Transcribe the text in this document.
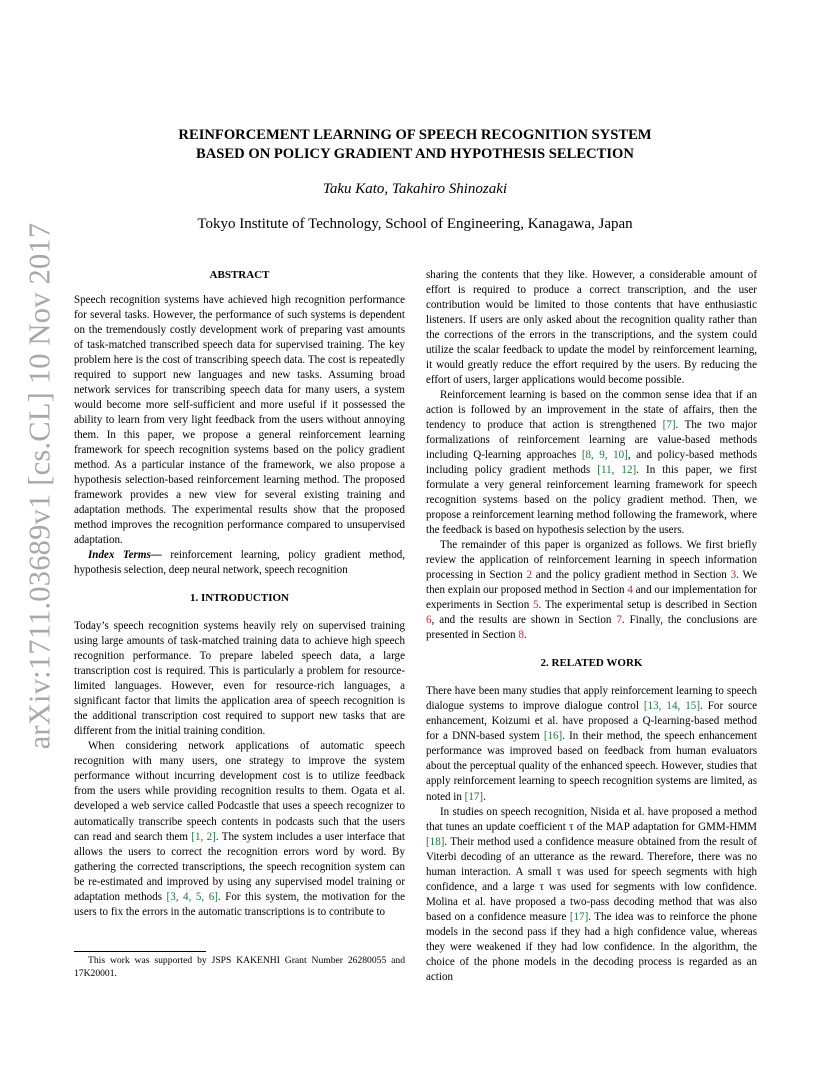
arXiv:1711.03689v1 [cs.CL] 10 Nov 2017
REINFORCEMENT LEARNING OF SPEECH RECOGNITION SYSTEM
BASED ON POLICY GRADIENT AND HYPOTHESIS SELECTION
Taku Kato, Takahiro Shinozaki
Tokyo Institute of Technology, School of Engineering, Kanagawa, Japan
ABSTRACT

Speech recognition systems have achieved high recognition performance for several tasks. However, the performance of such systems is dependent on the tremendously costly development work of preparing vast amounts of task-matched transcribed speech data for supervised training. The key problem here is the cost of transcribing speech data. The cost is repeatedly required to support new languages and new tasks. Assuming broad network services for transcribing speech data for many users, a system would become more self-sufficient and more useful if it possessed the ability to learn from very light feedback from the users without annoying them. In this paper, we propose a general reinforcement learning framework for speech recognition systems based on the policy gradient method. As a particular instance of the framework, we also propose a hypothesis selection-based reinforcement learning method. The proposed framework provides a new view for several existing training and adaptation methods. The experimental results show that the proposed method improves the recognition performance compared to unsupervised adaptation.

Index Terms— reinforcement learning, policy gradient method, hypothesis selection, deep neural network, speech recognition

1. INTRODUCTION

Today’s speech recognition systems heavily rely on supervised training using large amounts of task-matched training data to achieve high speech recognition performance. To prepare labeled speech data, a large transcription cost is required. This is particularly a problem for resource-limited languages. However, even for resource-rich languages, a significant factor that limits the application area of speech recognition is the additional transcription cost required to support new tasks that are different from the initial training condition.

When considering network applications of automatic speech recognition with many users, one strategy to improve the system performance without incurring development cost is to utilize feedback from the users while providing recognition results to them. Ogata et al. developed a web service called Podcastle that uses a speech recognizer to automatically transcribe speech contents in podcasts such that the users can read and search them [1, 2]. The system includes a user interface that allows the users to correct the recognition errors word by word. By gathering the corrected transcriptions, the speech recognition system can be re-estimated and improved by using any supervised model training or adaptation methods [3, 4, 5, 6]. For this system, the motivation for the users to fix the errors in the automatic transcriptions is to contribute to

sharing the contents that they like. However, a considerable amount of effort is required to produce a correct transcription, and the user contribution would be limited to those contents that have enthusiastic listeners. If users are only asked about the recognition quality rather than the corrections of the errors in the transcriptions, and the system could utilize the scalar feedback to update the model by reinforcement learning, it would greatly reduce the effort required by the users. By reducing the effort of users, larger applications would become possible.

Reinforcement learning is based on the common sense idea that if an action is followed by an improvement in the state of affairs, then the tendency to produce that action is strengthened [7]. The two major formalizations of reinforcement learning are value-based methods including Q-learning approaches [8, 9, 10], and policy-based methods including policy gradient methods [11, 12]. In this paper, we first formulate a very general reinforcement learning framework for speech recognition systems based on the policy gradient method. Then, we propose a reinforcement learning method following the framework, where the feedback is based on hypothesis selection by the users.

The remainder of this paper is organized as follows. We first briefly review the application of reinforcement learning in speech information processing in Section 2 and the policy gradient method in Section 3. We then explain our proposed method in Section 4 and our implementation for experiments in Section 5. The experimental setup is described in Section 6, and the results are shown in Section 7. Finally, the conclusions are presented in Section 8.

2. RELATED WORK

There have been many studies that apply reinforcement learning to speech dialogue systems to improve dialogue control [13, 14, 15]. For source enhancement, Koizumi et al. have proposed a Q-learning-based method for a DNN-based system [16]. In their method, the speech enhancement performance was improved based on feedback from human evaluators about the perceptual quality of the enhanced speech. However, studies that apply reinforcement learning to speech recognition systems are limited, as noted in [17].

In studies on speech recognition, Nisida et al. have proposed a method that tunes an update coefficient τ of the MAP adaptation for GMM-HMM [18]. Their method used a confidence measure obtained from the result of Viterbi decoding of an utterance as the reward. Therefore, there was no human interaction. A small τ was used for speech segments with high confidence, and a large τ was used for segments with low confidence. Molina et al. have proposed a two-pass decoding method that was also based on a confidence measure [17]. The idea was to reinforce the phone models in the second pass if they had a high confidence value, whereas they were weakened if they had low confidence. In the algorithm, the choice of the phone models in the decoding process is regarded as an action

This work was supported by JSPS KAKENHI Grant Number 26280055 and 17K20001.
